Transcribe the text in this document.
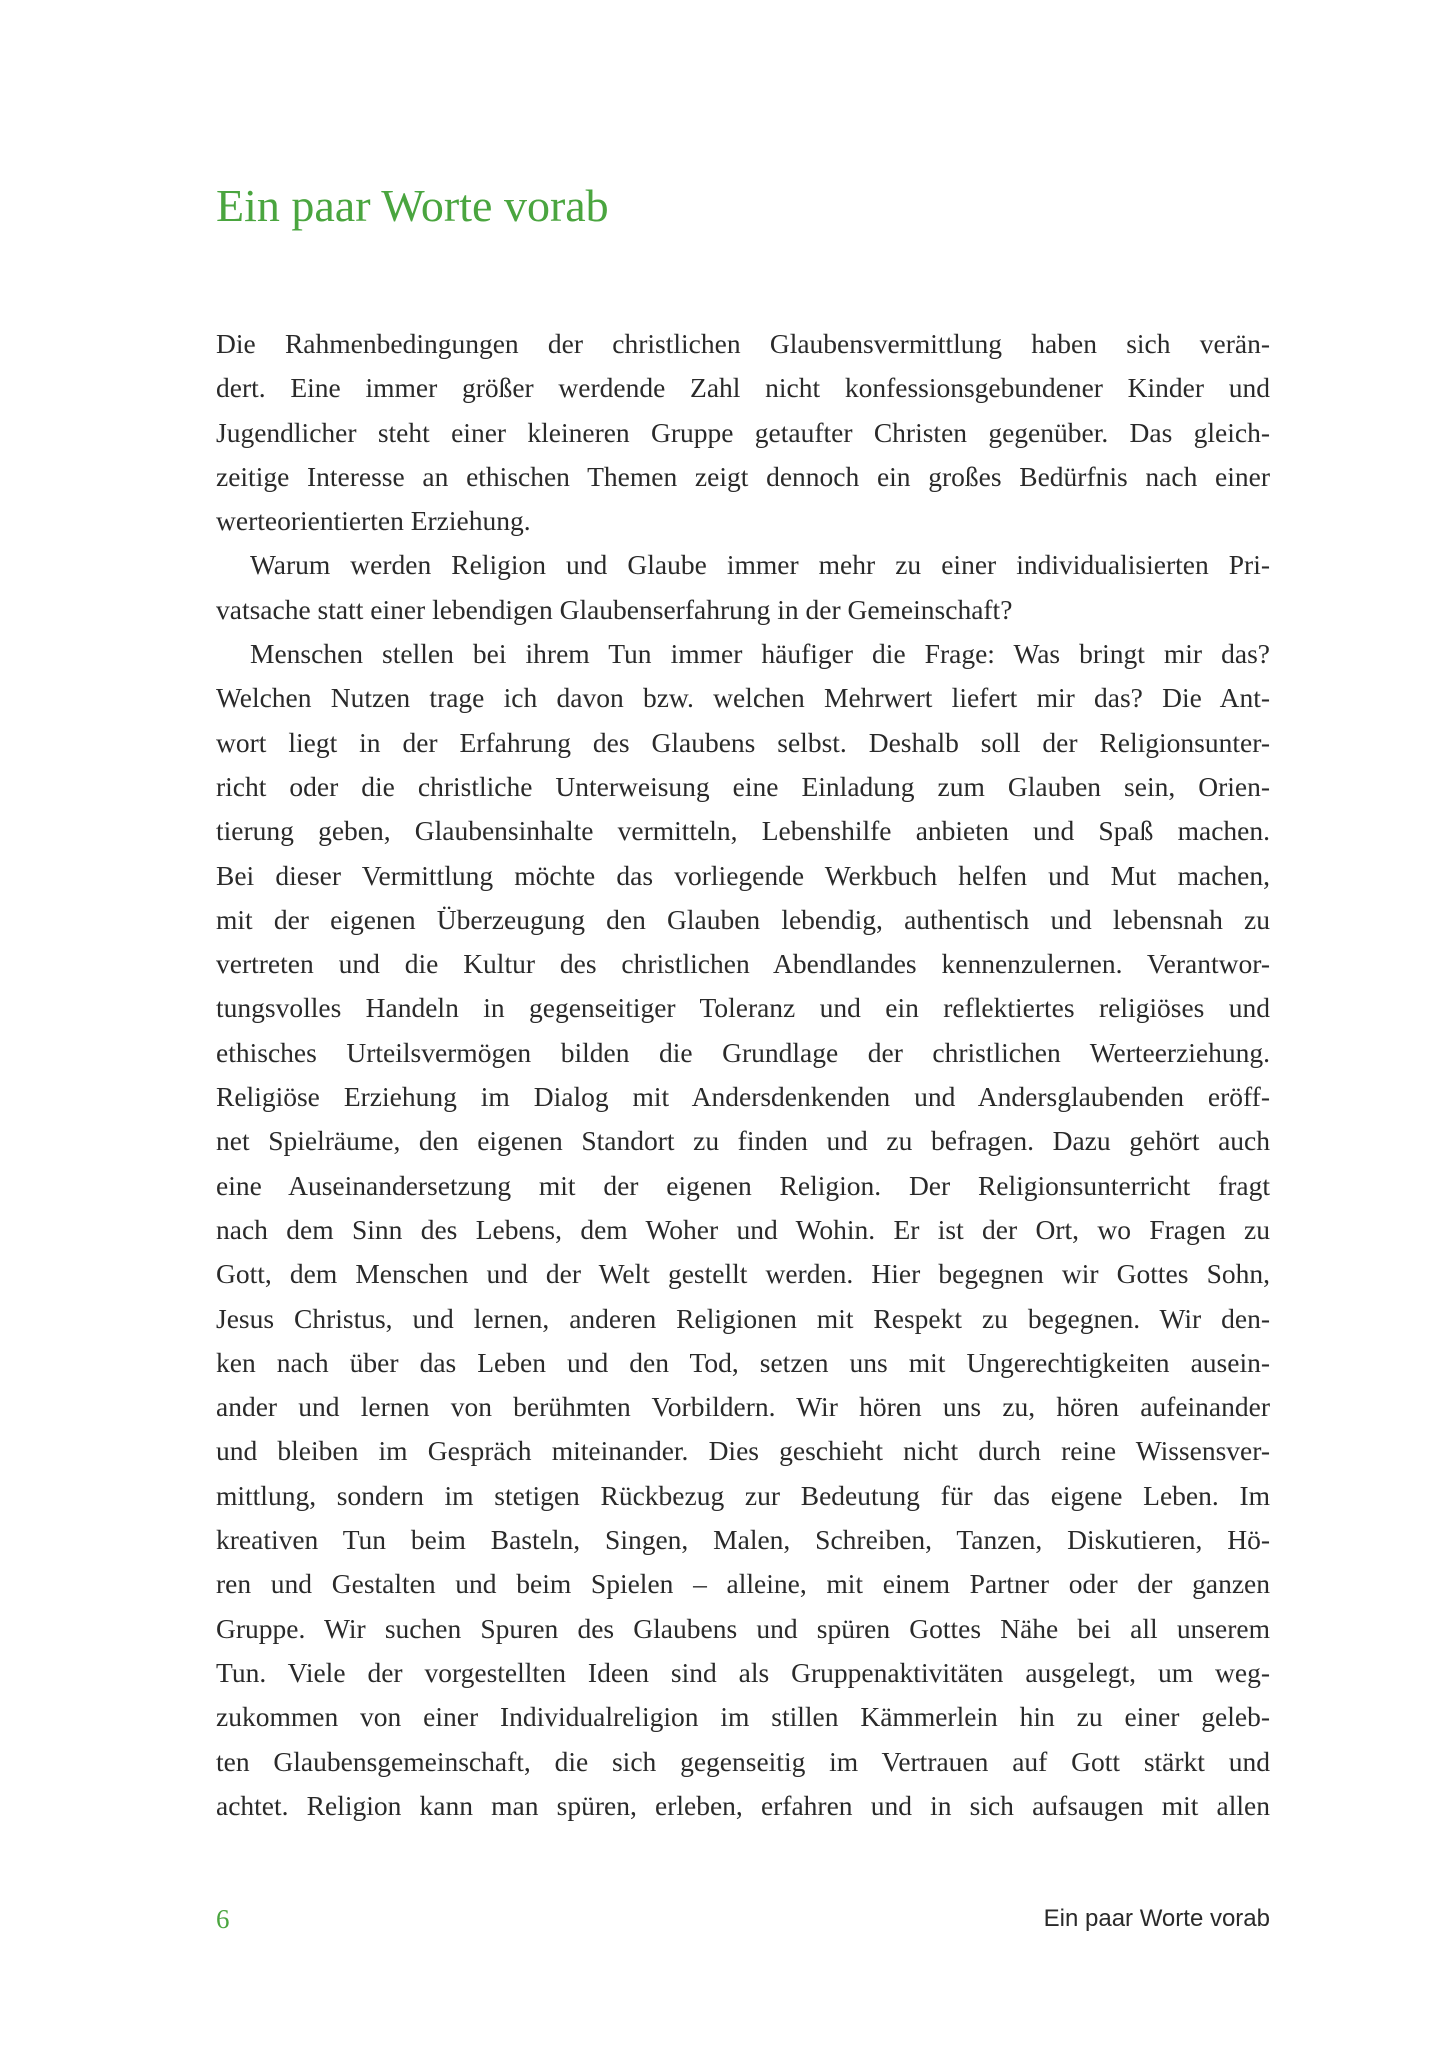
Ein paar Worte vorab
Die Rahmenbedingungen der christlichen Glaubensvermittlung haben sich verän-
dert. Eine immer größer werdende Zahl nicht konfessionsgebundener Kinder und
Jugendlicher steht einer kleineren Gruppe getaufter Christen gegenüber. Das gleich-
zeitige Interesse an ethischen Themen zeigt dennoch ein großes Bedürfnis nach einer
werteorientierten Erziehung.
Warum werden Religion und Glaube immer mehr zu einer individualisierten Pri-
vatsache statt einer lebendigen Glaubenserfahrung in der Gemeinschaft?
Menschen stellen bei ihrem Tun immer häufiger die Frage: Was bringt mir das?
Welchen Nutzen trage ich davon bzw. welchen Mehrwert liefert mir das? Die Ant-
wort liegt in der Erfahrung des Glaubens selbst. Deshalb soll der Religionsunter-
richt oder die christliche Unterweisung eine Einladung zum Glauben sein, Orien-
tierung geben, Glaubensinhalte vermitteln, Lebenshilfe anbieten und Spaß machen.
Bei dieser Vermittlung möchte das vorliegende Werkbuch helfen und Mut machen,
mit der eigenen Überzeugung den Glauben lebendig, authentisch und lebensnah zu
vertreten und die Kultur des christlichen Abendlandes kennenzulernen. Verantwor-
tungsvolles Handeln in gegenseitiger Toleranz und ein reflektiertes religiöses und
ethisches Urteilsvermögen bilden die Grundlage der christlichen Werteerziehung.
Religiöse Erziehung im Dialog mit Andersdenkenden und Andersglaubenden eröff-
net Spielräume, den eigenen Standort zu finden und zu befragen. Dazu gehört auch
eine Auseinandersetzung mit der eigenen Religion. Der Religionsunterricht fragt
nach dem Sinn des Lebens, dem Woher und Wohin. Er ist der Ort, wo Fragen zu
Gott, dem Menschen und der Welt gestellt werden. Hier begegnen wir Gottes Sohn,
Jesus Christus, und lernen, anderen Religionen mit Respekt zu begegnen. Wir den-
ken nach über das Leben und den Tod, setzen uns mit Ungerechtigkeiten ausein-
ander und lernen von berühmten Vorbildern. Wir hören uns zu, hören aufeinander
und bleiben im Gespräch miteinander. Dies geschieht nicht durch reine Wissensver-
mittlung, sondern im stetigen Rückbezug zur Bedeutung für das eigene Leben. Im
kreativen Tun beim Basteln, Singen, Malen, Schreiben, Tanzen, Diskutieren, Hö-
ren und Gestalten und beim Spielen – alleine, mit einem Partner oder der ganzen
Gruppe. Wir suchen Spuren des Glaubens und spüren Gottes Nähe bei all unserem
Tun. Viele der vorgestellten Ideen sind als Gruppenaktivitäten ausgelegt, um weg-
zukommen von einer Individualreligion im stillen Kämmerlein hin zu einer geleb-
ten Glaubensgemeinschaft, die sich gegenseitig im Vertrauen auf Gott stärkt und
achtet. Religion kann man spüren, erleben, erfahren und in sich aufsaugen mit allen
6	Ein paar Worte vorab
